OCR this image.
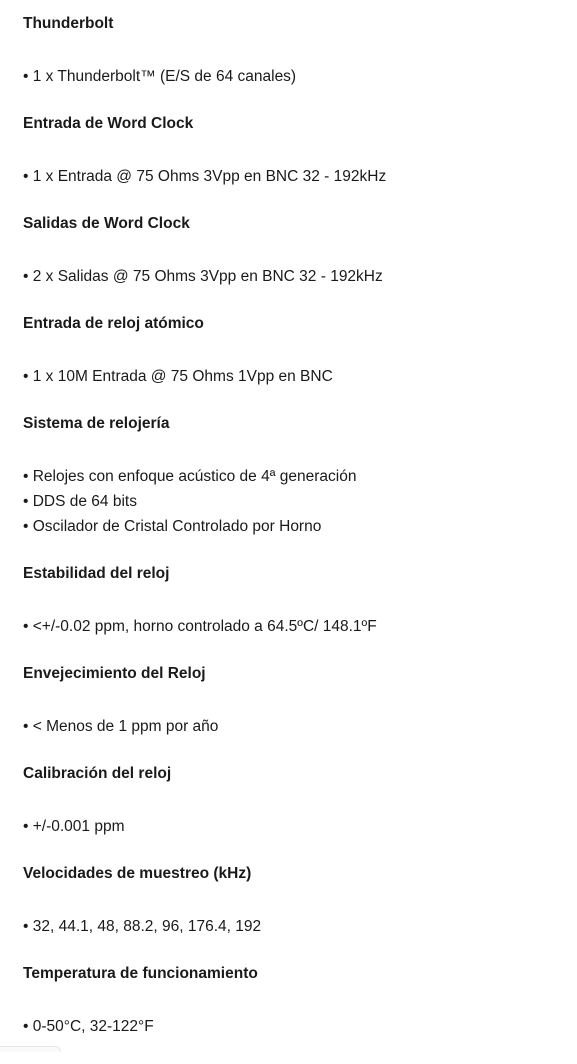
Thunderbolt
• 1 x Thunderbolt™ (E/S de 64 canales)
Entrada de Word Clock
• 1 x Entrada @ 75 Ohms 3Vpp en BNC 32 - 192kHz
Salidas de Word Clock
• 2 x Salidas @ 75 Ohms 3Vpp en BNC 32 - 192kHz
Entrada de reloj atómico
• 1 x 10M Entrada @ 75 Ohms 1Vpp en BNC
Sistema de relojería
• Relojes con enfoque acústico de 4ª generación
• DDS de 64 bits
• Oscilador de Cristal Controlado por Horno
Estabilidad del reloj
• <+/-0.02 ppm, horno controlado a 64.5ºC/ 148.1ºF
Envejecimiento del Reloj
• < Menos de 1 ppm por año
Calibración del reloj
• +/-0.001 ppm
Velocidades de muestreo (kHz)
• 32, 44.1, 48, 88.2, 96, 176.4, 192
Temperatura de funcionamiento
• 0-50°C, 32-122°F
